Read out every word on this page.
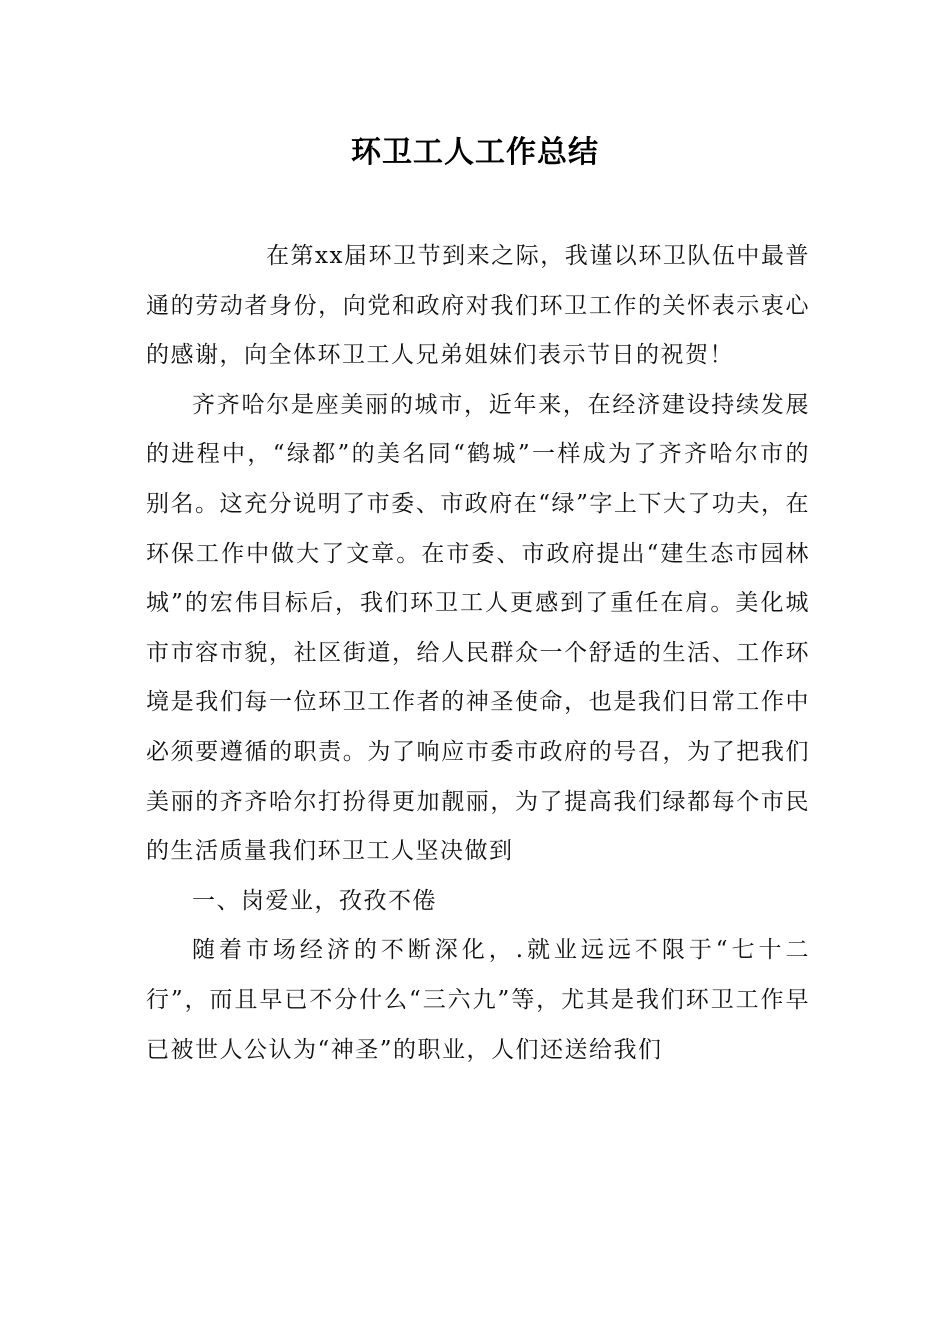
环卫工人工作总结

在第xx届环卫节到来之际，我谨以环卫队伍中最普通的劳动者身份，向党和政府对我们环卫工作的关怀表示衷心的感谢，向全体环卫工人兄弟姐妹们表示节日的祝贺！

齐齐哈尔是座美丽的城市，近年来，在经济建设持续发展的进程中，“绿都”的美名同“鹤城”一样成为了齐齐哈尔市的别名。这充分说明了市委、市政府在“绿”字上下大了功夫，在环保工作中做大了文章。在市委、市政府提出“建生态市园林城”的宏伟目标后，我们环卫工人更感到了重任在肩。美化城市市容市貌，社区街道，给人民群众一个舒适的生活、工作环境是我们每一位环卫工作者的神圣使命，也是我们日常工作中必须要遵循的职责。为了响应市委市政府的号召，为了把我们美丽的齐齐哈尔打扮得更加靓丽，为了提高我们绿都每个市民的生活质量我们环卫工人坚决做到

一、岗爱业，孜孜不倦

随着市场经济的不断深化，.就业远远不限于“七十二行”，而且早已不分什么“三六九”等，尤其是我们环卫工作早已被世人公认为“神圣”的职业，人们还送给我们
